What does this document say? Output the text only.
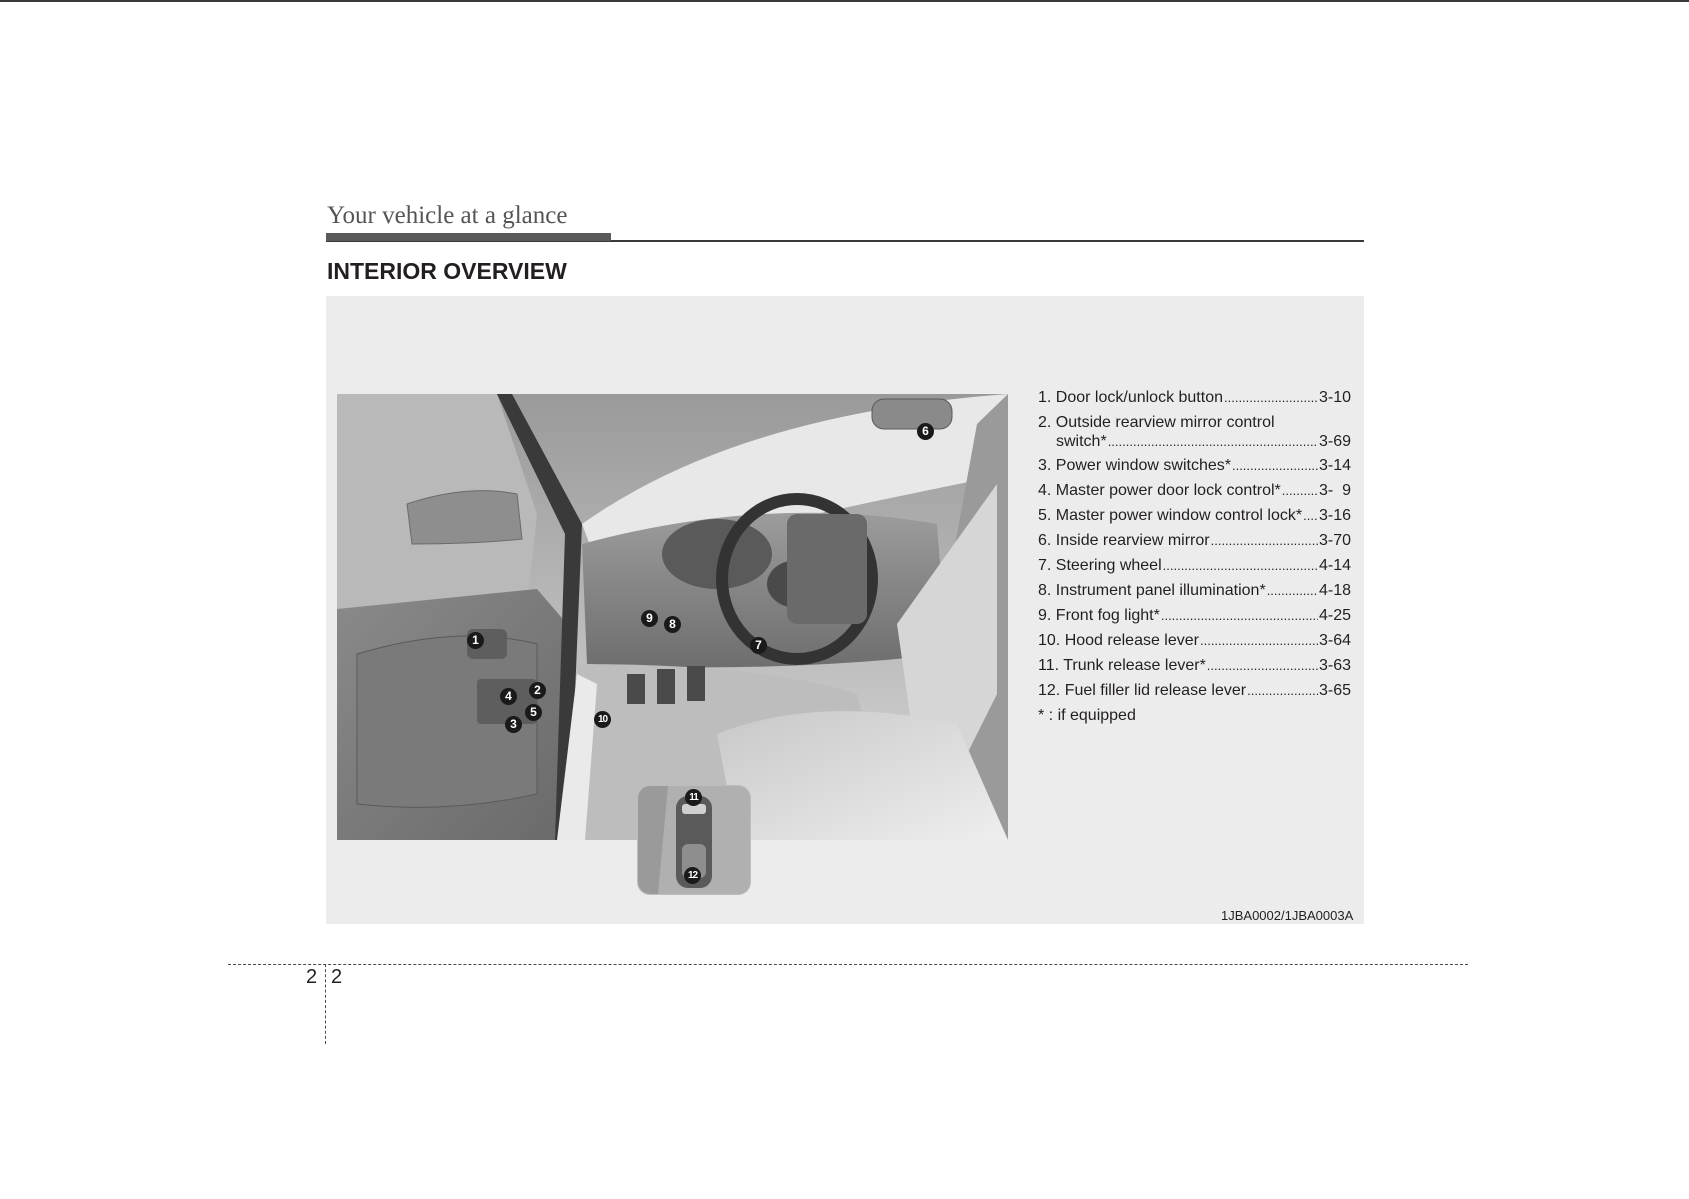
Your vehicle at a glance
INTERIOR OVERVIEW
1
2
3
4
5
6
7
8
9
10
11
12
1. Door lock/unlock button .....	3-10
2. Outside rearview mirror control
switch* .....	3-69
3. Power window switches* .....	3-14
4. Master power door lock control* ..... 3-  9
5. Master power window control lock* ..... 3-16
6. Inside rearview mirror .....	3-70
7. Steering wheel .....	4-14
8. Instrument panel illumination* .....	4-18
9. Front fog light* .....	4-25
10. Hood release lever .....	3-64
11. Trunk release lever* .....	3-63
12. Fuel filler lid release lever .....	3-65
* : if equipped
1JBA0002/1JBA0003A
2 2
